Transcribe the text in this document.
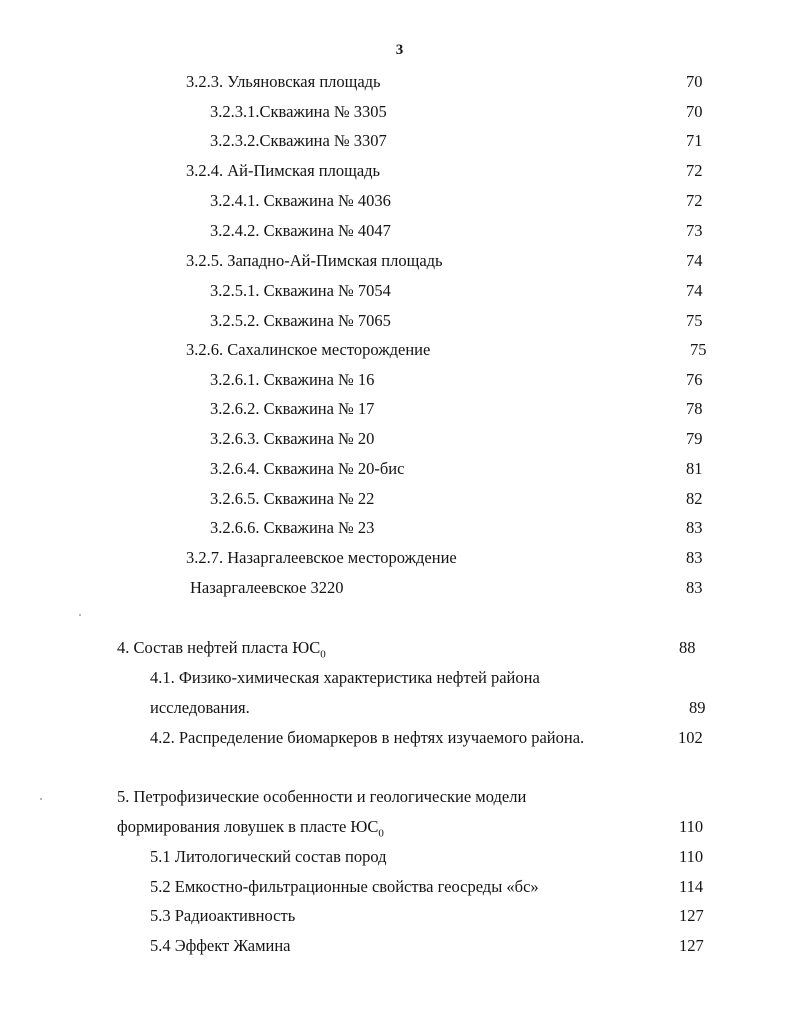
3
3.2.3. Ульяновская площадь	70
3.2.3.1.Скважина № 3305	70
3.2.3.2.Скважина № 3307	71
3.2.4. Ай-Пимская площадь	72
3.2.4.1. Скважина № 4036	72
3.2.4.2. Скважина № 4047	73
3.2.5. Западно-Ай-Пимская площадь	74
3.2.5.1. Скважина № 7054	74
3.2.5.2. Скважина № 7065	75
3.2.6. Сахалинское месторождение	75
3.2.6.1. Скважина № 16	76
3.2.6.2. Скважина № 17	78
3.2.6.3. Скважина № 20	79
3.2.6.4. Скважина № 20-бис	81
3.2.6.5. Скважина № 22	82
3.2.6.6. Скважина № 23	83
3.2.7. Назаргалеевское месторождение	83
Назаргалеевское 3220	83
4. Состав нефтей пласта $ЮС_0$	88
4.1. Физико-химическая характеристика нефтей района
исследования.	89
4.2. Распределение биомаркеров в нефтях изучаемого района.	102
5. Петрофизические особенности и геологические модели
формирования ловушек в пласте $ЮС_0$	110
5.1 Литологический состав пород	110
5.2 Емкостно-фильтрационные свойства геосреды «бс»	114
5.3 Радиоактивность	127
5.4 Эффект Жамина	127
